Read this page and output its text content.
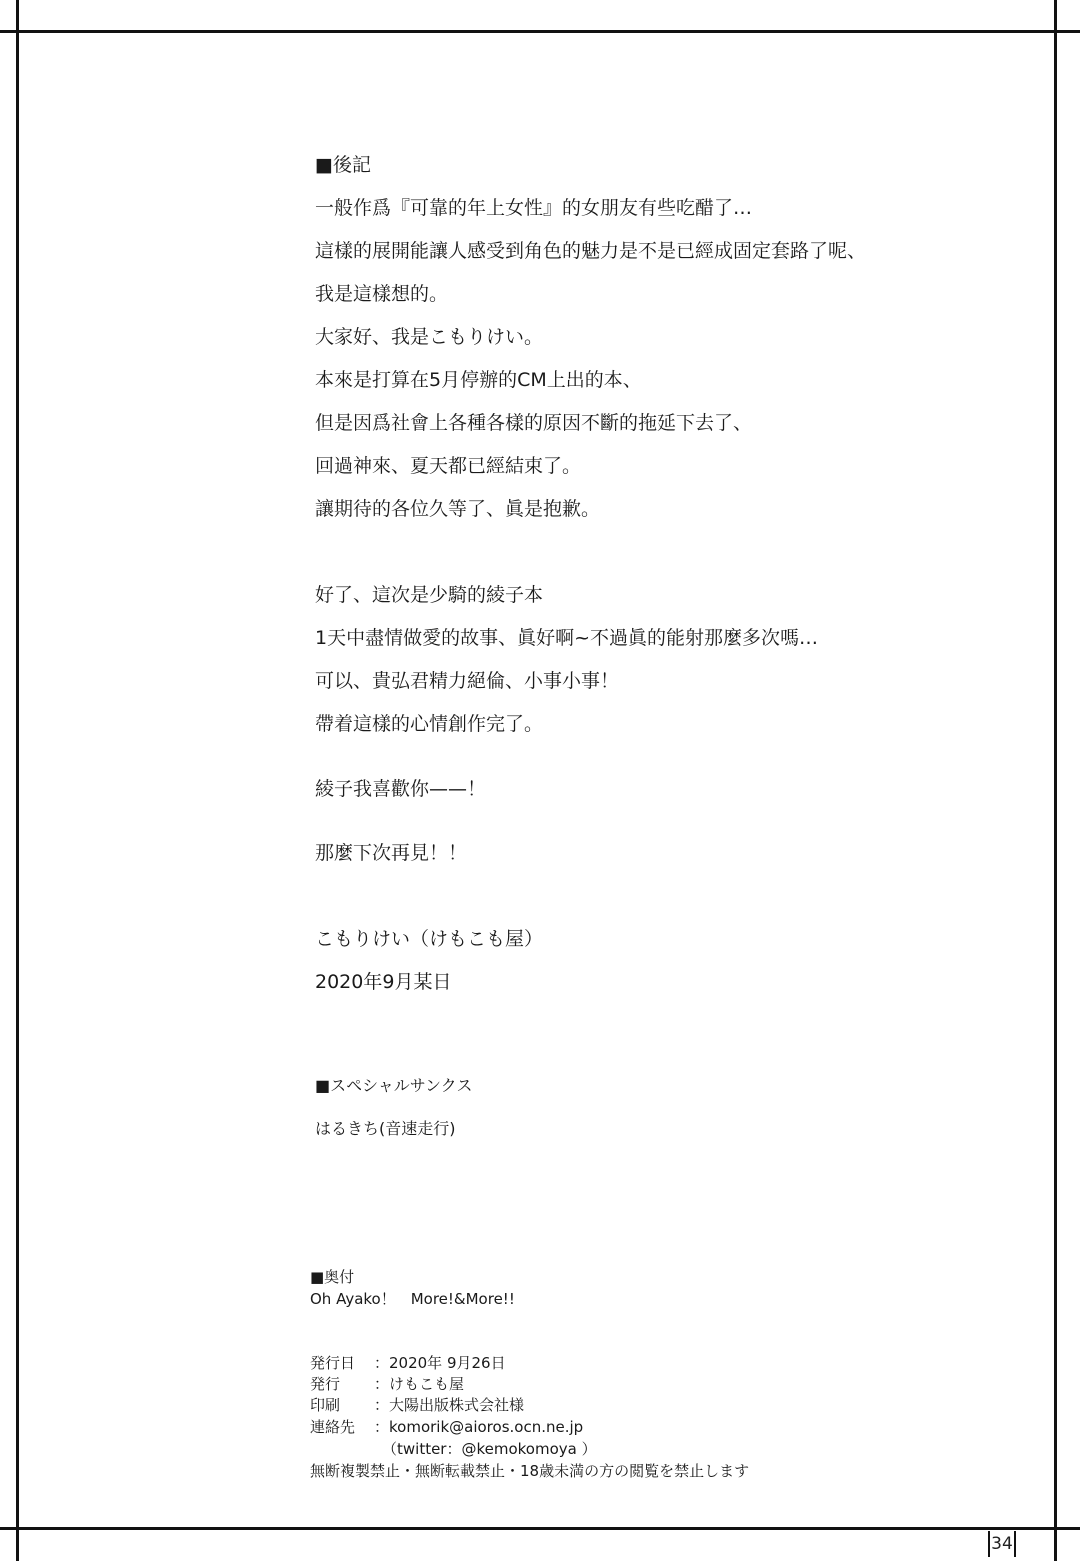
■後記
一般作爲『可靠的年上女性』的女朋友有些吃醋了…
這樣的展開能讓人感受到角色的魅力是不是已經成固定套路了呢、
我是這樣想的。
大家好、我是こもりけい。
本來是打算在5月停辦的CM上出的本、
但是因爲社會上各種各樣的原因不斷的拖延下去了、
回過神來、夏天都已經結束了。
讓期待的各位久等了、眞是抱歉。
好了、這次是少騎的綾子本
1天中盡情做愛的故事、眞好啊~不過眞的能射那麼多次嗎…
可以、貴弘君精力絕倫、小事小事！
帶着這樣的心情創作完了。
綾子我喜歡你——！
那麼下次再見！！
こもりけい（けもこも屋）
2020年9月某日
■スペシャルサンクス
はるきち(音速走行)
■奥付
Oh Ayako！　More!&More!!
発行日 ：2020年 9月26日
発行 ：けもこも屋
印刷 ：大陽出版株式会社様
連絡先 ：komorik@aioros.ocn.ne.jp
（twitter：@kemokomoya ）
無断複製禁止・無断転載禁止・18歳未満の方の閲覧を禁止します
34
